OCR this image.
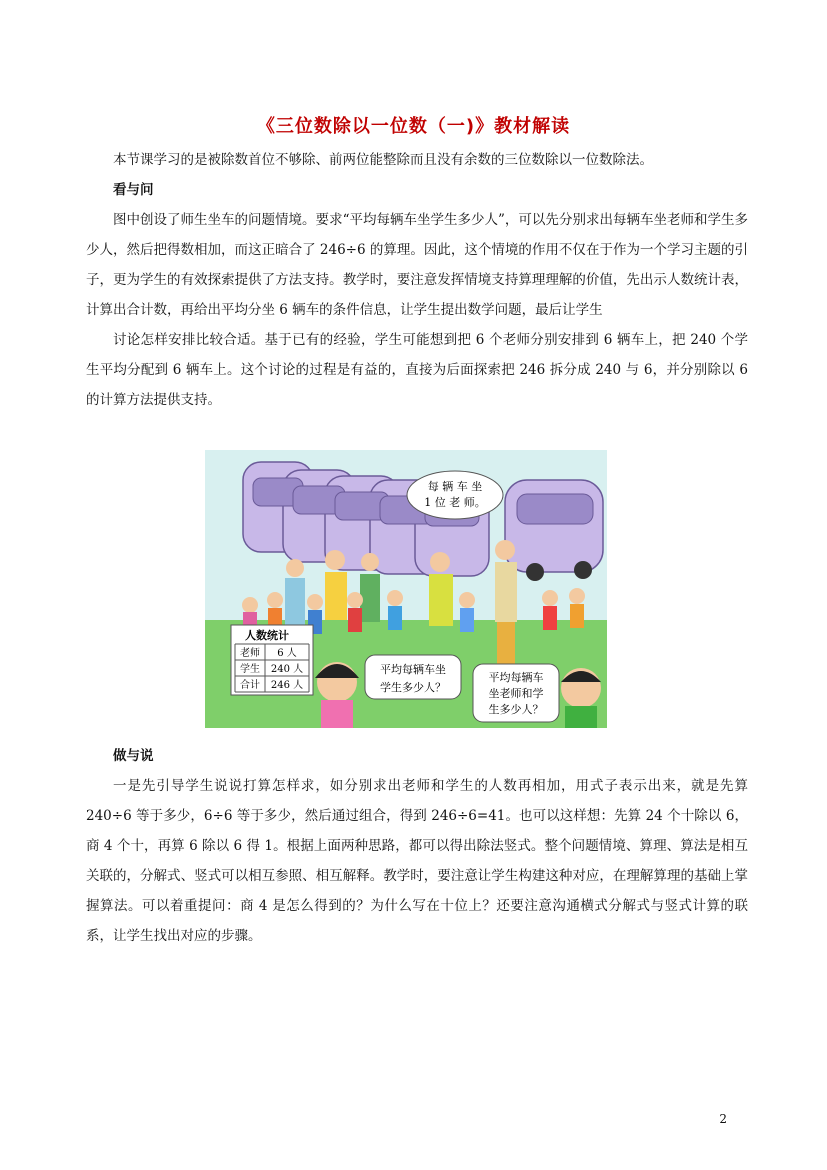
《三位数除以一位数（一)》教材解读

本节课学习的是被除数首位不够除、前两位能整除而且没有余数的三位数除以一位数除法。

看与问

图中创设了师生坐车的问题情境。要求“平均每辆车坐学生多少人”，可以先分别求出每辆车坐老师和学生多少人，然后把得数相加，而这正暗合了 246÷6 的算理。因此，这个情境的作用不仅在于作为一个学习主题的引子，更为学生的有效探索提供了方法支持。教学时，要注意发挥情境支持算理理解的价值，先出示人数统计表，计算出合计数，再给出平均分坐 6 辆车的条件信息，让学生提出数学问题，最后让学生

讨论怎样安排比较合适。基于已有的经验，学生可能想到把 6 个老师分别安排到 6 辆车上，把 240 个学生平均分配到 6 辆车上。这个讨论的过程是有益的，直接为后面探索把 246 拆分成 240 与 6，并分别除以 6 的计算方法提供支持。

每 辆 车 坐
1 位 老 师。
人数统计
老师 6 人
学生 240 人
合计 246 人
平均每辆车坐
学生多少人？
平均每辆车
坐老师和学
生多少人？

做与说

一是先引导学生说说打算怎样求，如分别求出老师和学生的人数再相加，用式子表示出来，就是先算 240÷6 等于多少，6÷6 等于多少，然后通过组合，得到 246÷6=41。也可以这样想：先算 24 个十除以 6，商 4 个十，再算 6 除以 6 得 1。根据上面两种思路，都可以得出除法竖式。整个问题情境、算理、算法是相互关联的，分解式、竖式可以相互参照、相互解释。教学时，要注意让学生构建这种对应，在理解算理的基础上掌握算法。可以着重提问：商 4 是怎么得到的？为什么写在十位上？还要注意沟通横式分解式与竖式计算的联系，让学生找出对应的步骤。

2
